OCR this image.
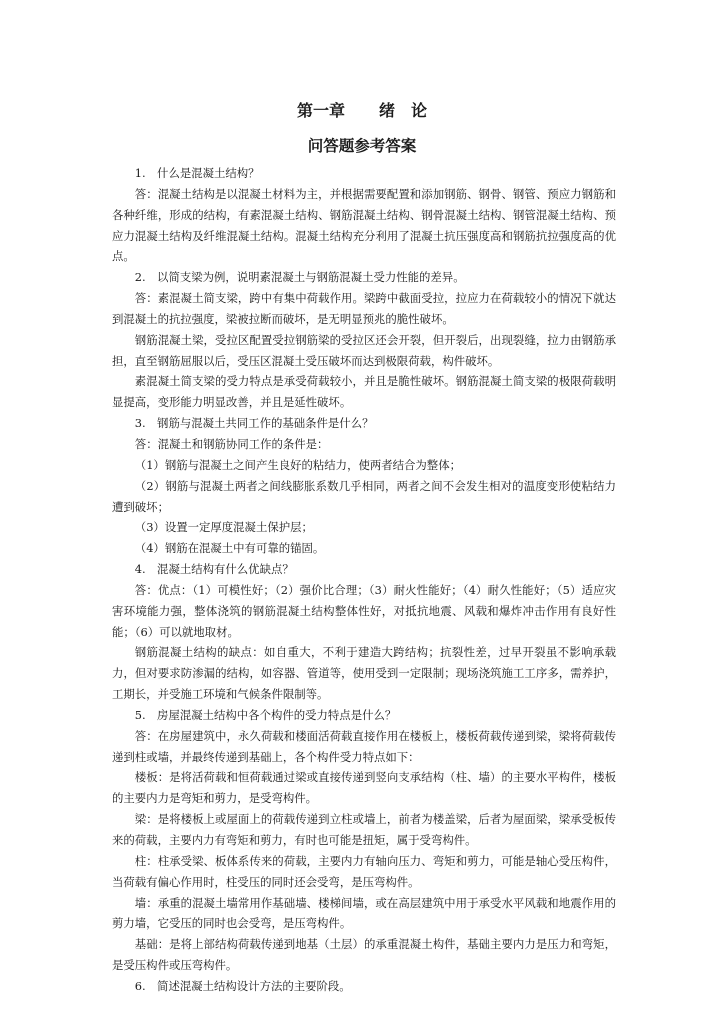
第一章 绪　论
问答题参考答案

1.　什么是混凝土结构？

答：混凝土结构是以混凝土材料为主，并根据需要配置和添加钢筋、钢骨、钢管、预应力钢筋和各种纤维，形成的结构，有素混凝土结构、钢筋混凝土结构、钢骨混凝土结构、钢管混凝土结构、预应力混凝土结构及纤维混凝土结构。混凝土结构充分利用了混凝土抗压强度高和钢筋抗拉强度高的优点。

2.　以简支梁为例，说明素混凝土与钢筋混凝土受力性能的差异。

答：素混凝土简支梁，跨中有集中荷载作用。梁跨中截面受拉，拉应力在荷载较小的情况下就达到混凝土的抗拉强度，梁被拉断而破坏，是无明显预兆的脆性破坏。

钢筋混凝土梁，受拉区配置受拉钢筋梁的受拉区还会开裂，但开裂后，出现裂缝，拉力由钢筋承担，直至钢筋屈服以后，受压区混凝土受压破坏而达到极限荷载，构件破坏。

素混凝土简支梁的受力特点是承受荷载较小，并且是脆性破坏。钢筋混凝土简支梁的极限荷载明显提高，变形能力明显改善，并且是延性破坏。

3.　钢筋与混凝土共同工作的基础条件是什么？

答：混凝土和钢筋协同工作的条件是：

（1）钢筋与混凝土之间产生良好的粘结力，使两者结合为整体；

（2）钢筋与混凝土两者之间线膨胀系数几乎相同，两者之间不会发生相对的温度变形使粘结力遭到破坏；

（3）设置一定厚度混凝土保护层；

（4）钢筋在混凝土中有可靠的锚固。

4.　混凝土结构有什么优缺点？

答：优点：（1）可模性好；（2）强价比合理；（3）耐火性能好；（4）耐久性能好；（5）适应灾害环境能力强，整体浇筑的钢筋混凝土结构整体性好，对抵抗地震、风载和爆炸冲击作用有良好性能；（6）可以就地取材。

钢筋混凝土结构的缺点：如自重大，不利于建造大跨结构；抗裂性差，过早开裂虽不影响承载力，但对要求防渗漏的结构，如容器、管道等，使用受到一定限制；现场浇筑施工工序多，需养护，工期长，并受施工环境和气候条件限制等。

5.　房屋混凝土结构中各个构件的受力特点是什么？

答：在房屋建筑中，永久荷载和楼面活荷载直接作用在楼板上，楼板荷载传递到梁，梁将荷载传递到柱或墙，并最终传递到基础上，各个构件受力特点如下：

楼板：是将活荷载和恒荷载通过梁或直接传递到竖向支承结构（柱、墙）的主要水平构件，楼板的主要内力是弯矩和剪力，是受弯构件。

梁：是将楼板上或屋面上的荷载传递到立柱或墙上，前者为楼盖梁，后者为屋面梁，梁承受板传来的荷载，主要内力有弯矩和剪力，有时也可能是扭矩，属于受弯构件。

柱：柱承受梁、板体系传来的荷载，主要内力有轴向压力、弯矩和剪力，可能是轴心受压构件，当荷载有偏心作用时，柱受压的同时还会受弯，是压弯构件。

墙：承重的混凝土墙常用作基础墙、楼梯间墙，或在高层建筑中用于承受水平风载和地震作用的剪力墙，它受压的同时也会受弯，是压弯构件。

基础：是将上部结构荷载传递到地基（土层）的承重混凝土构件，基础主要内力是压力和弯矩，是受压构件或压弯构件。

6.　简述混凝土结构设计方法的主要阶段。
